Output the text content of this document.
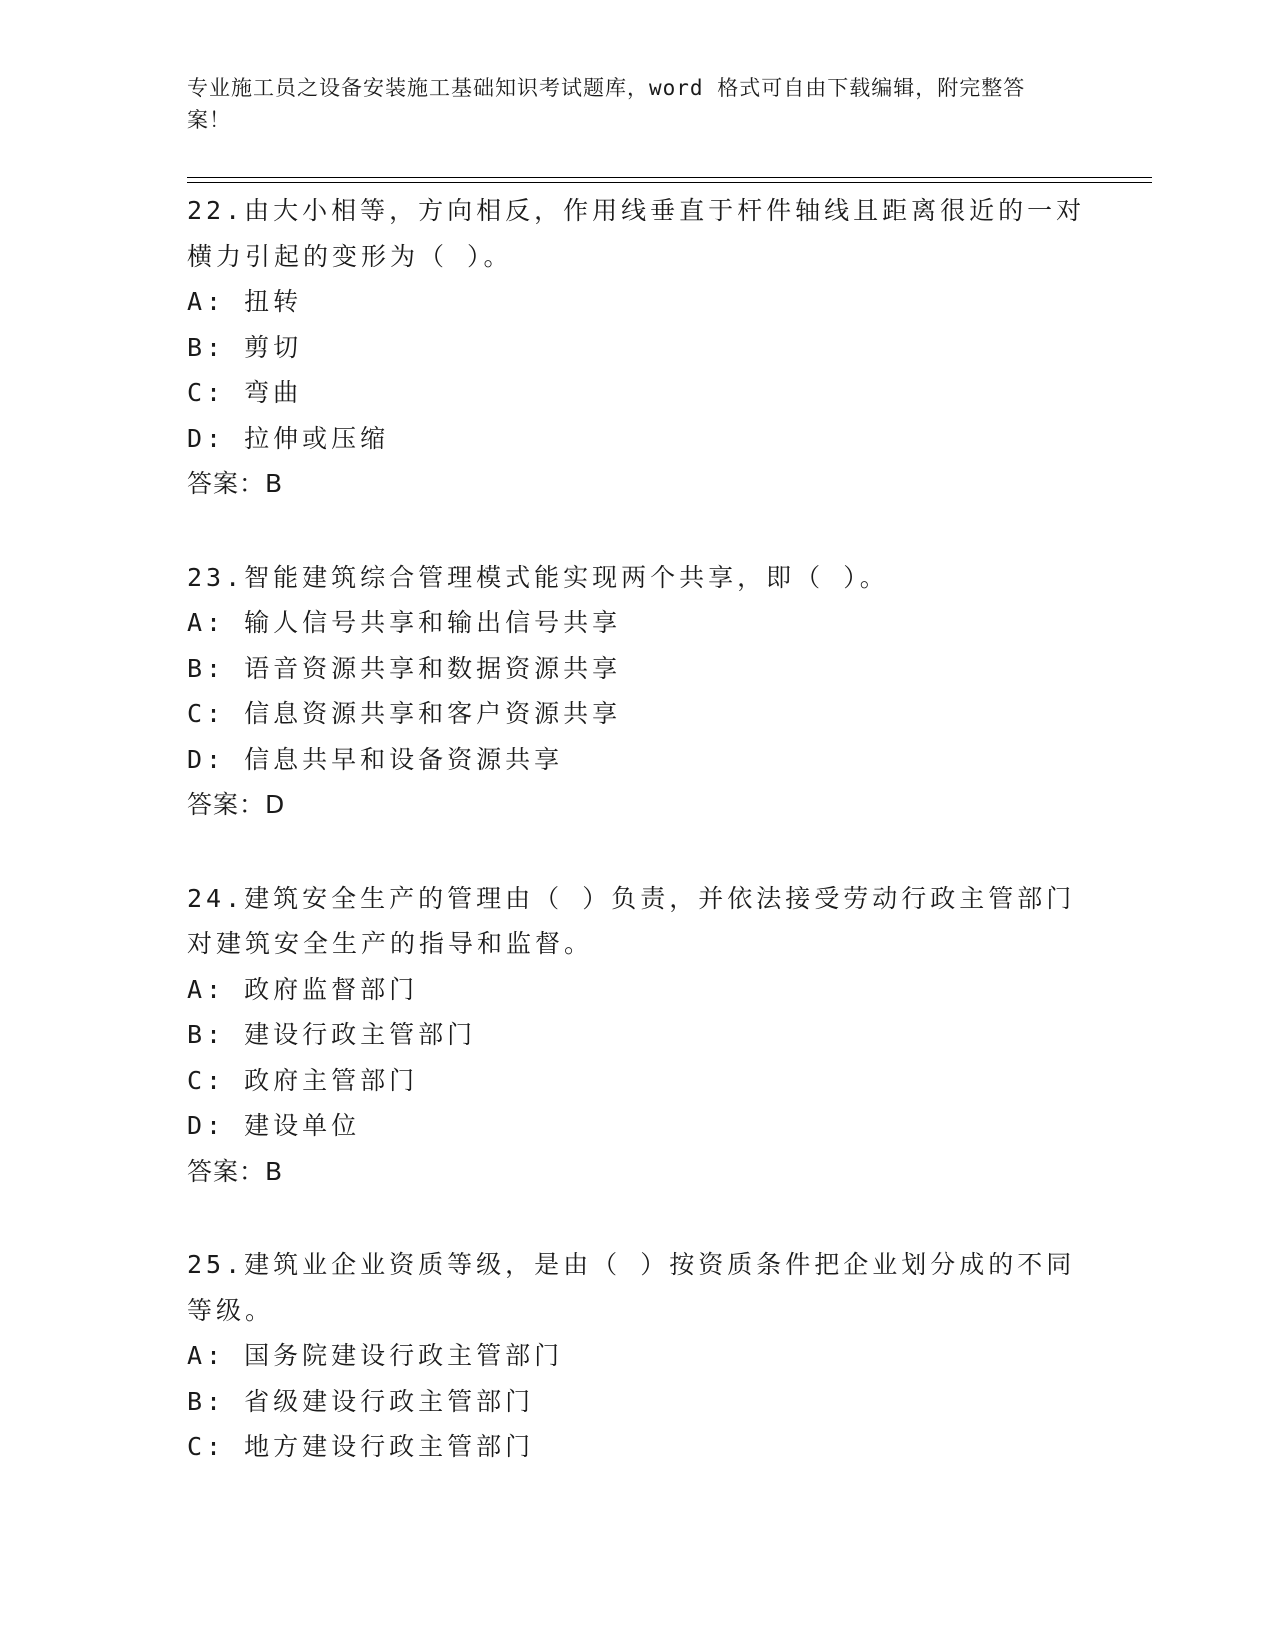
专业施工员之设备安装施工基础知识考试题库，word 格式可自由下载编辑，附完整答案！
22.由大小相等，方向相反，作用线垂直于杆件轴线且距离很近的一对
横力引起的变形为（ ）。
A: 扭转
B: 剪切
C: 弯曲
D: 拉伸或压缩
答案：B
23.智能建筑综合管理模式能实现两个共享，即（ ）。
A: 输人信号共享和输出信号共享
B: 语音资源共享和数据资源共享
C: 信息资源共享和客户资源共享
D: 信息共早和设备资源共享
答案：D
24.建筑安全生产的管理由（ ）负责，并依法接受劳动行政主管部门
对建筑安全生产的指导和监督。
A: 政府监督部门
B: 建设行政主管部门
C: 政府主管部门
D: 建设单位
答案：B
25.建筑业企业资质等级，是由（ ）按资质条件把企业划分成的不同
等级。
A: 国务院建设行政主管部门
B: 省级建设行政主管部门
C: 地方建设行政主管部门
